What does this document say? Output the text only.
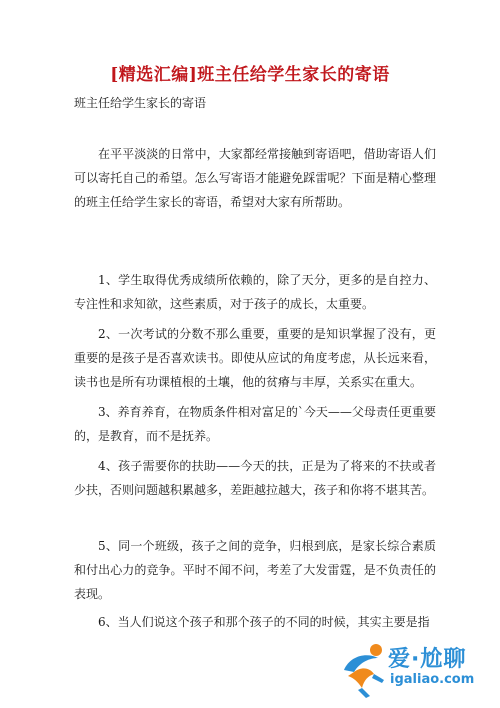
[精选汇编]班主任给学生家长的寄语

班主任给学生家长的寄语

在平平淡淡的日常中，大家都经常接触到寄语吧，借助寄语人们可以寄托自己的希望。怎么写寄语才能避免踩雷呢？下面是精心整理的班主任给学生家长的寄语，希望对大家有所帮助。

1、学生取得优秀成绩所依赖的，除了天分，更多的是自控力、专注性和求知欲，这些素质，对于孩子的成长，太重要。

2、一次考试的分数不那么重要，重要的是知识掌握了没有，更重要的是孩子是否喜欢读书。即使从应试的角度考虑，从长远来看，读书也是所有功课植根的土壤，他的贫瘠与丰厚，关系实在重大。

3、养育养育，在物质条件相对富足的`今天——父母责任更重要的，是教育，而不是抚养。

4、孩子需要你的扶助——今天的扶，正是为了将来的不扶或者少扶，否则问题越积累越多，差距越拉越大，孩子和你将不堪其苦。

5、同一个班级，孩子之间的竞争，归根到底，是家长综合素质和付出心力的竞争。平时不闻不问，考差了大发雷霆，是不负责任的表现。

6、当人们说这个孩子和那个孩子的不同的时候，其实主要是指

爱·尬聊
igaliao.com
